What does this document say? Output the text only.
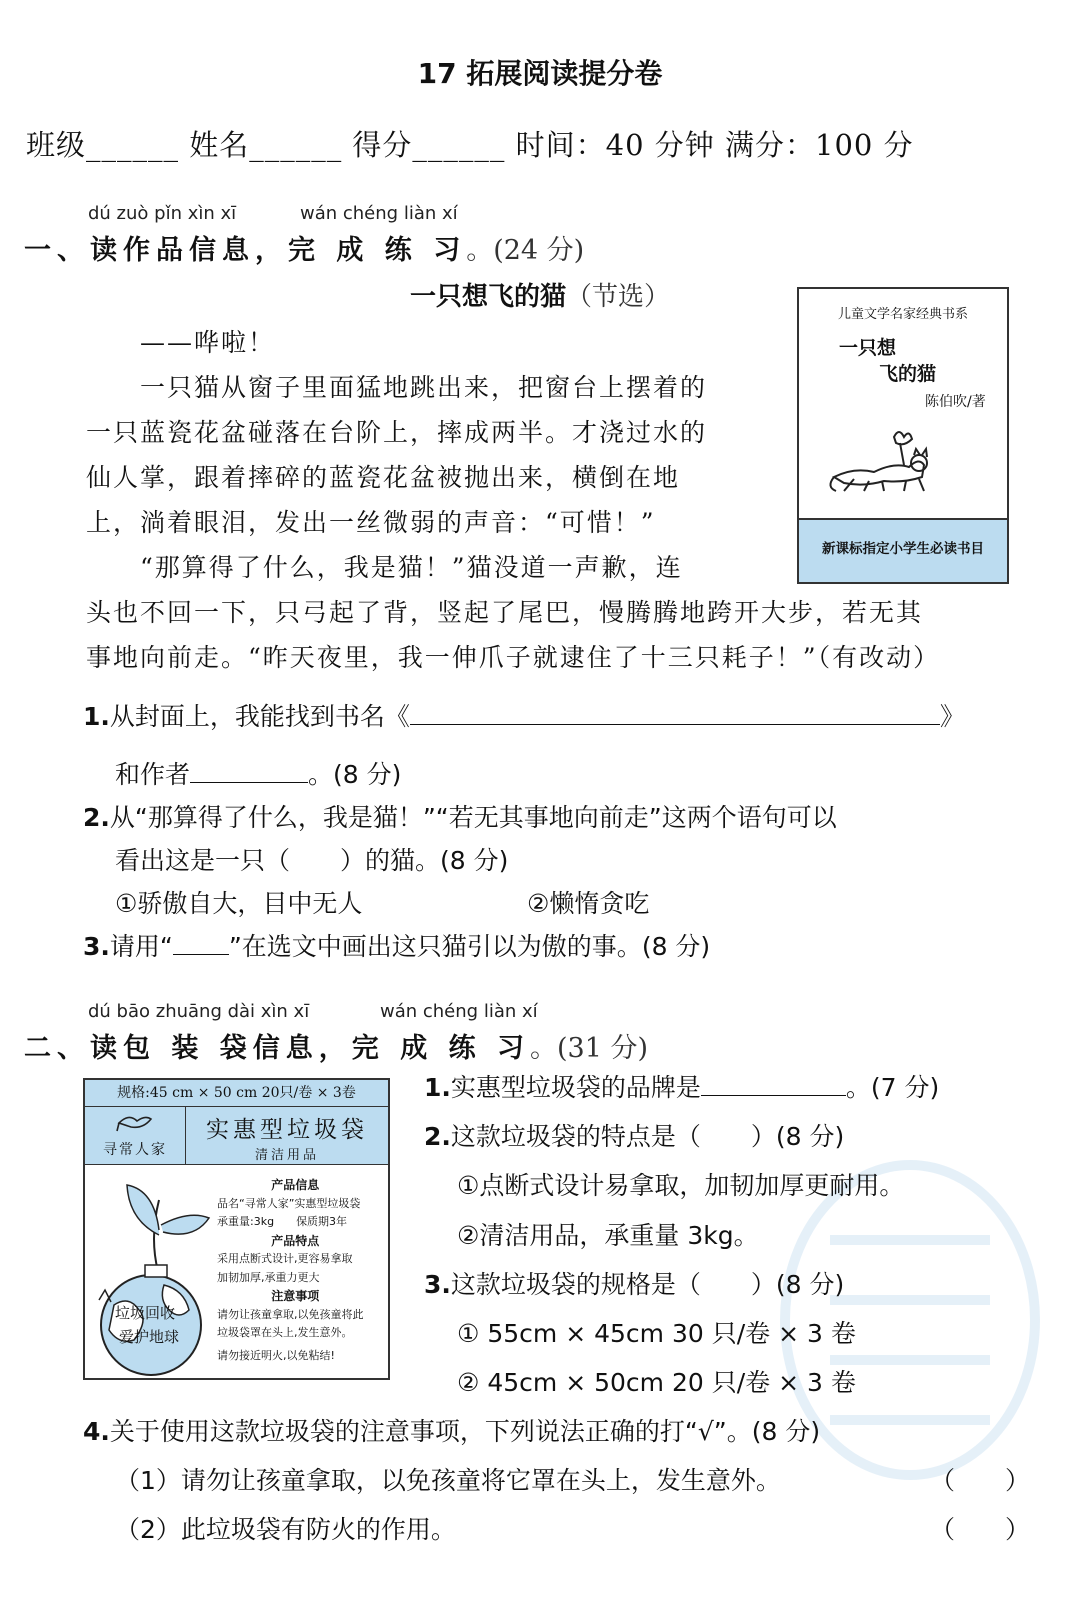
17 拓展阅读提分卷
班级______ 姓名______ 得分______ 时间：40 分钟 满分：100 分
dú zuò pǐn xìn xī	wán chéng liàn xí
一、读作品信息，完 成 练 习。(24 分)
一只想飞的猫（节选）
——哗啦！
一只猫从窗子里面猛地跳出来，把窗台上摆着的
一只蓝瓷花盆碰落在台阶上，摔成两半。才浇过水的
仙人掌，跟着摔碎的蓝瓷花盆被抛出来，横倒在地
上，淌着眼泪，发出一丝微弱的声音：“可惜！”
“那算得了什么，我是猫！”猫没道一声歉，连
头也不回一下，只弓起了背，竖起了尾巴，慢腾腾地跨开大步，若无其
事地向前走。“昨天夜里，我一伸爪子就逮住了十三只耗子！”（有改动）
儿童文学名家经典书系
一只想
飞的猫
陈伯吹/著
新课标指定小学生必读书目
1.从封面上，我能找到书名《	》
和作者	。(8 分)
2.从“那算得了什么，我是猫！”“若无其事地向前走”这两个语句可以
看出这是一只（　　）的猫。(8 分)
①骄傲自大，目中无人	②懒惰贪吃
3.请用“ ”在选文中画出这只猫引以为傲的事。(8 分)
dú bāo zhuāng dài xìn xī	wán chéng liàn xí
二、读包 装 袋信息，完 成 练 习。(31 分)
规格:45 cm × 50 cm 20只/卷 × 3卷
寻常人家
实惠型垃圾袋
清洁用品
垃圾回收
爱护地球
产品信息
品名“寻常人家”实惠型垃圾袋
承重量:3kg 保质期3年
产品特点
采用点断式设计,更容易拿取
加韧加厚,承重力更大
注意事项
请勿让孩童拿取,以免孩童将此
垃圾袋罩在头上,发生意外。
请勿接近明火,以免粘结!
1.实惠型垃圾袋的品牌是	。(7 分)
2.这款垃圾袋的特点是（　　）(8 分)
①点断式设计易拿取，加韧加厚更耐用。
②清洁用品，承重量 3kg。
3.这款垃圾袋的规格是（　　）(8 分)
① 55cm × 45cm 30 只/卷 × 3 卷
② 45cm × 50cm 20 只/卷 × 3 卷
4.关于使用这款垃圾袋的注意事项，下列说法正确的打“√”。(8 分)
（1）请勿让孩童拿取，以免孩童将它罩在头上，发生意外。	（　　）
（2）此垃圾袋有防火的作用。	（　　）
